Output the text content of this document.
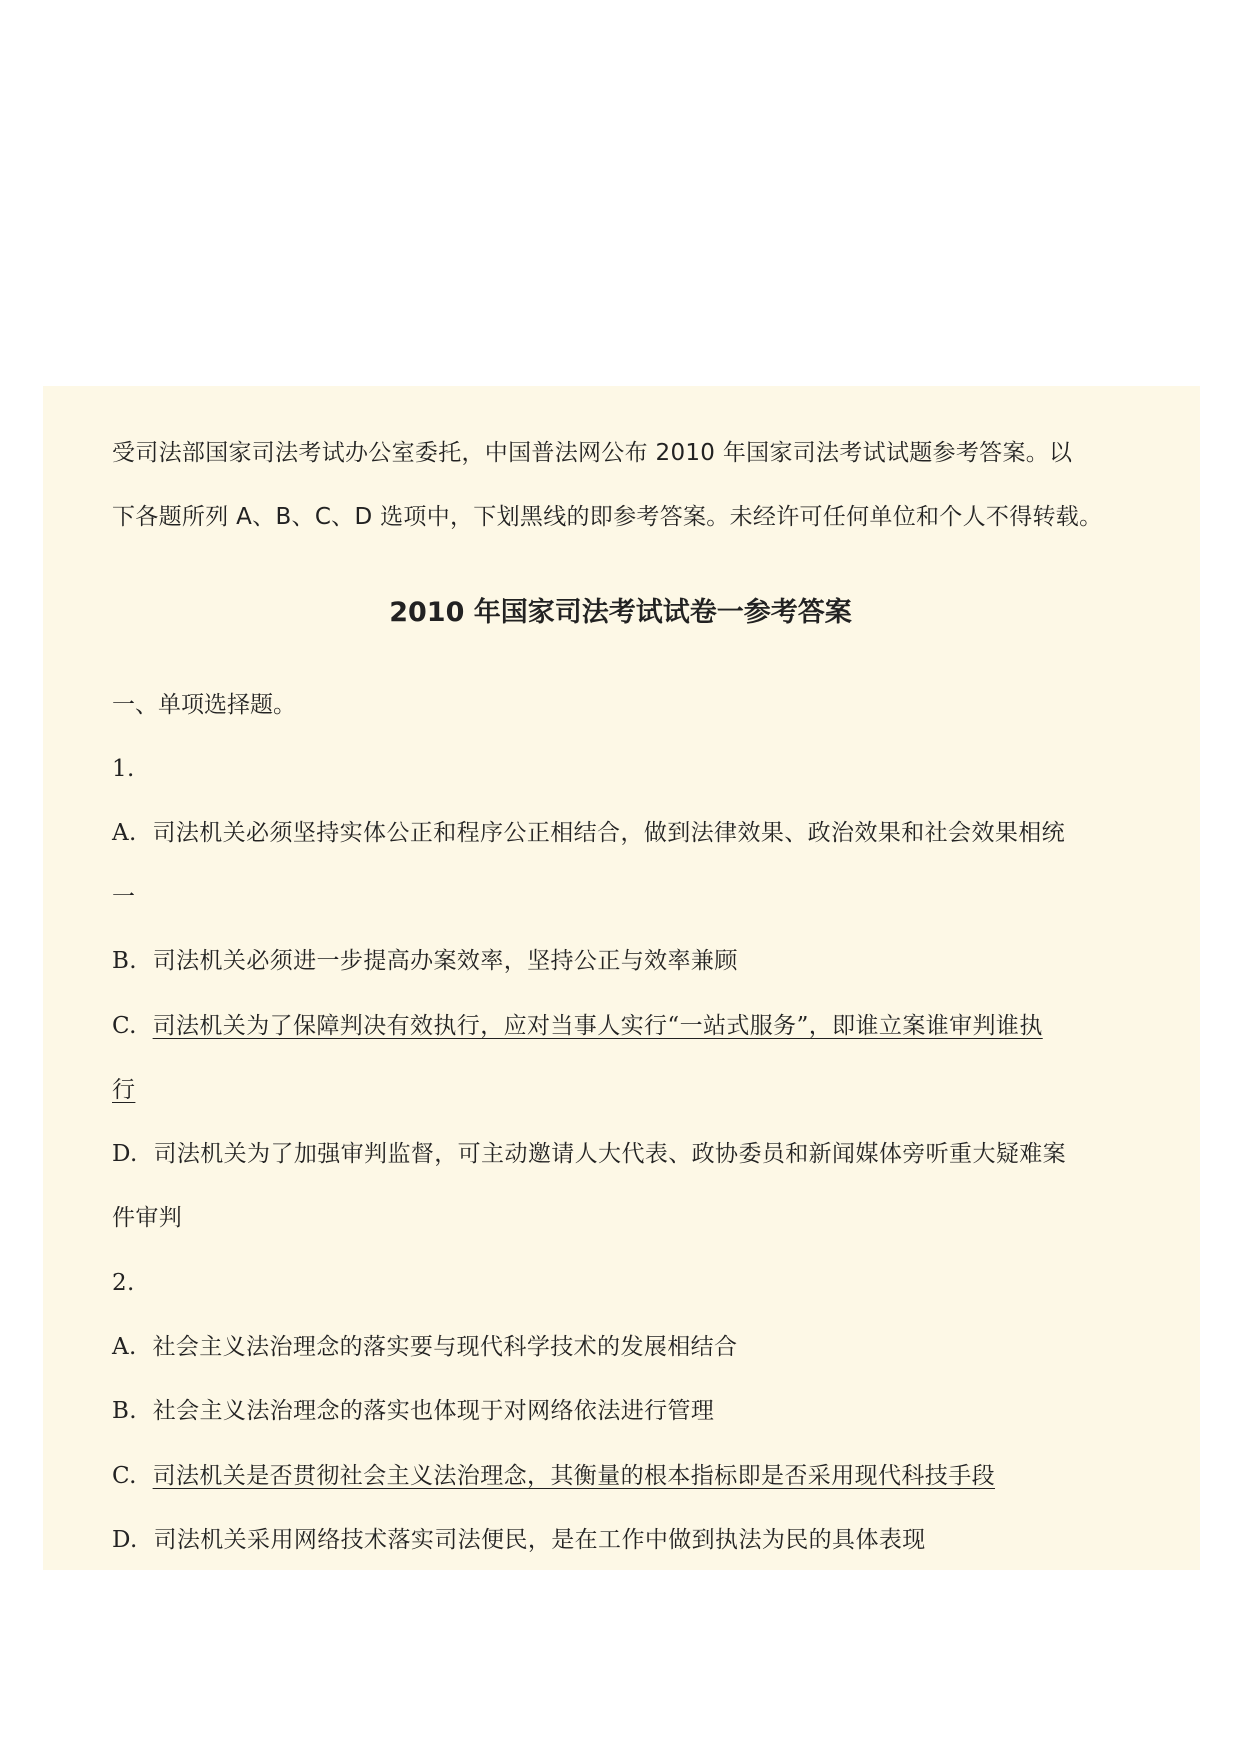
受司法部国家司法考试办公室委托，中国普法网公布 2010 年国家司法考试试题参考答案。以
下各题所列 A、B、C、D 选项中，下划黑线的即参考答案。未经许可任何单位和个人不得转载。
2010 年国家司法考试试卷一参考答案
一、单项选择题。
1.
A. 司法机关必须坚持实体公正和程序公正相结合，做到法律效果、政治效果和社会效果相统
一
B. 司法机关必须进一步提高办案效率，坚持公正与效率兼顾
C. 司法机关为了保障判决有效执行，应对当事人实行“一站式服务”，即谁立案谁审判谁执
行
D. 司法机关为了加强审判监督，可主动邀请人大代表、政协委员和新闻媒体旁听重大疑难案
件审判
2.
A. 社会主义法治理念的落实要与现代科学技术的发展相结合
B. 社会主义法治理念的落实也体现于对网络依法进行管理
C. 司法机关是否贯彻社会主义法治理念，其衡量的根本指标即是否采用现代科技手段
D. 司法机关采用网络技术落实司法便民，是在工作中做到执法为民的具体表现
